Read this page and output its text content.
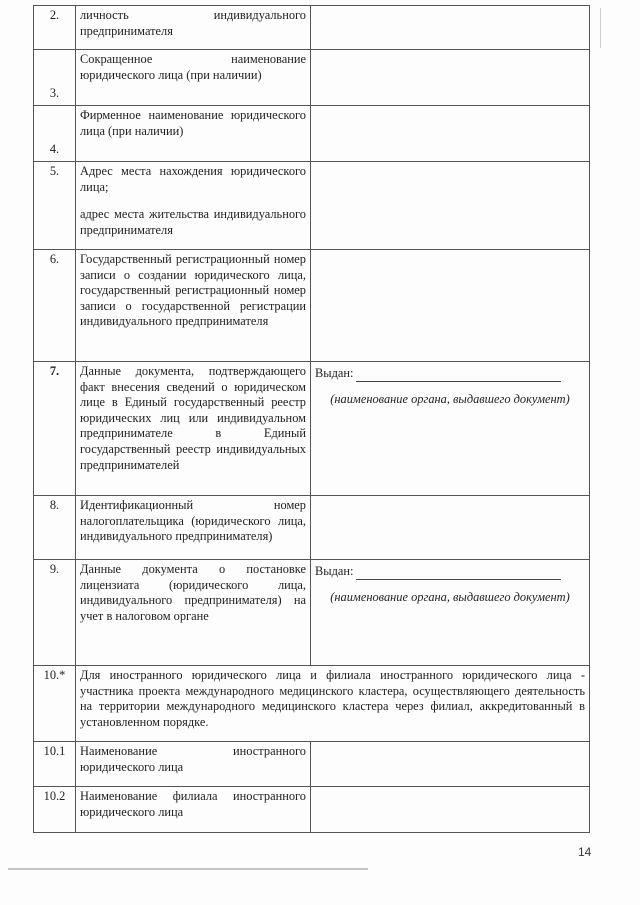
2.	личность индивидуального предпринимателя	
3.	Сокращенное наименование юридического лица (при наличии)	
4.	Фирменное наименование юридического лица (при наличии)	
5.	Адрес места нахождения юридического лица;
адрес места жительства индивидуального предпринимателя	

6.	Государственный регистрационный номер записи о создании юридического лица, государственный регистрационный номер записи о государственной регистрации индивидуального предпринимателя	
7.	Данные документа, подтверждающего факт внесения сведений о юридическом лице в Единый государственный реестр юридических лиц или индивидуальном предпринимателе в Единый государственный реестр индивидуальных предпринимателей	Выдан:
(наименование органа, выдавшего документ)

8.	Идентификационный номер налогоплательщика (юридического лица, индивидуального предпринимателя)	
9.	Данные документа о постановке лицензиата (юридического лица, индивидуального предпринимателя) на учет в налоговом органе	Выдан:
(наименование органа, выдавшего документ)

10.*	Для иностранного юридического лица и филиала иностранного юридического лица - участника проекта международного медицинского кластера, осуществляющего деятельность на территории международного медицинского кластера через филиал, аккредитованный в установленном порядке.	
10.1	Наименование иностранного юридического лица	
10.2	Наименование филиала иностранного юридического лица	
14
